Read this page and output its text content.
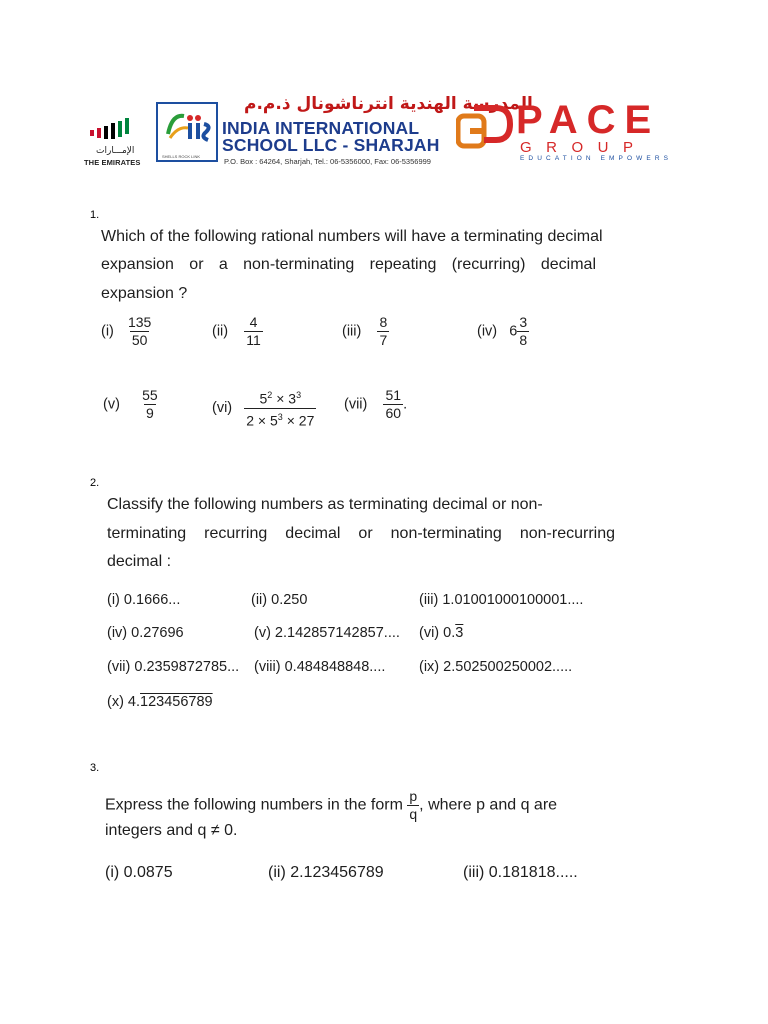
الإمـــارات
THE EMIRATES
SHELLS ROCK LINK
المدرسة الهندية انترناشونال ذ.م.م
INDIA INTERNATIONAL
SCHOOL LLC - SHARJAH
P.O. Box : 64264, Sharjah, Tel.: 06-5356000, Fax: 06-5356999
PACE
GROUP
EDUCATION EMPOWERS
1.
Which of the following rational numbers will have a terminating decimal
expansion or a non-terminating repeating (recurring) decimal
expansion ?
$(i) \frac{135}{50}$	$(ii) \frac{4}{11}$	$(iii) \frac{8}{7}$	(iv) $6 \frac{3}{8}$
$(v) \frac{55}{9}$	$(vi) \frac{5^2 \times 3^3}{2 \times 5^3 \times 27} (vii) \frac{51}{60}$ .
2.
Classify the following numbers as terminating decimal or non-
terminating recurring decimal or non-terminating non-recurring
decimal :
(i) 0.1666...	(ii) 0.250	(iii) 1.01001000100001....
(iv) 0.27696	(v) 2.142857142857.... (vi) 0.3
(vii) 0.2359872785... (viii) 0.484848848.... (ix) 2.502500250002.....
(x) 4.123456789
3.
Express the following numbers in the form $\frac{p}{q}$ , where p and q are
integers and q ≠ 0.
(i) 0.0875	(ii) 2.123456789	(iii) 0.181818.....
